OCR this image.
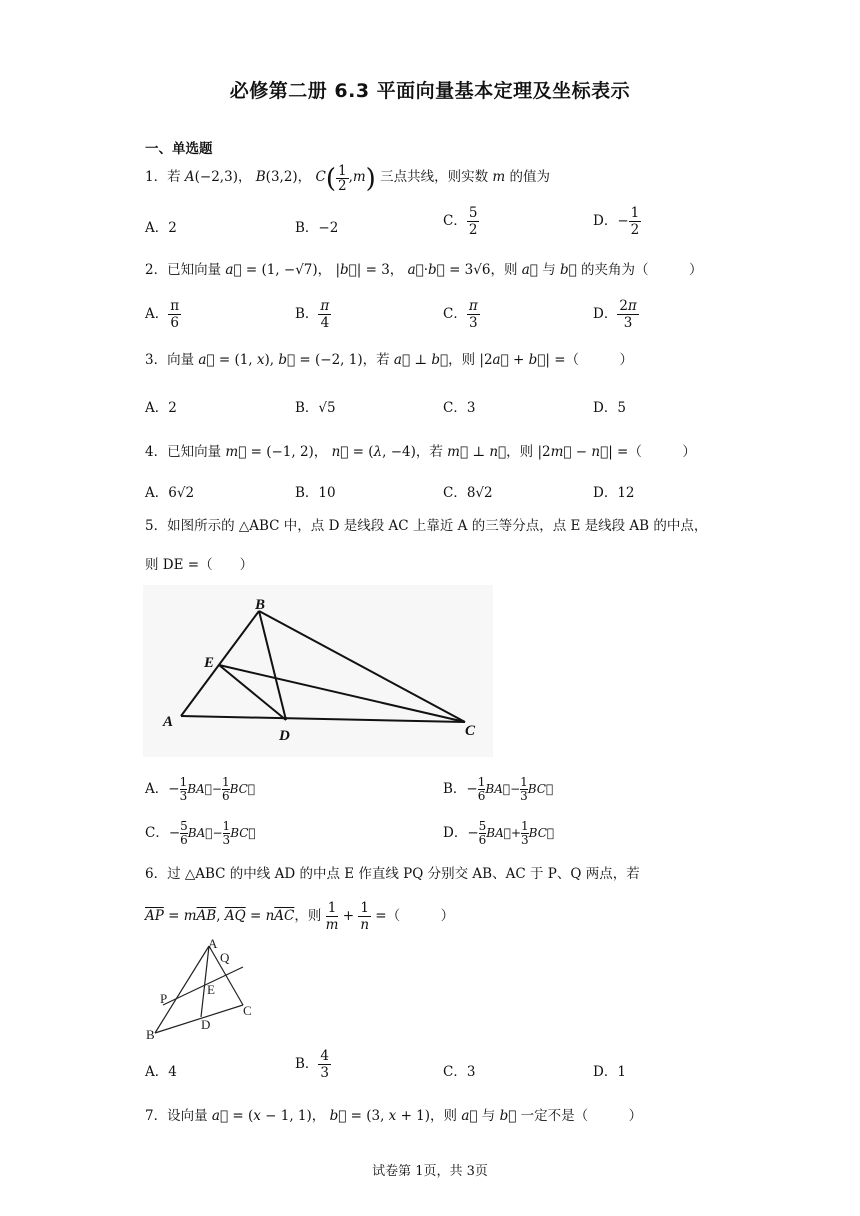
必修第二册 6.3 平面向量基本定理及坐标表示
一、单选题
1．若 A(−2,3)， B(3,2)， $C( \frac{1}{2} ,m)$ 三点共线，则实数 m 的值为
A．2	B．−2	C． $\frac{5}{2}$	D．− $\frac{1}{2}$
2．已知向量 a⃗ = (1, −√7)， |b⃗| = 3， a⃗·b⃗ = 3√6，则 a⃗ 与 b⃗ 的夹角为（　　　）
A． $\frac{\pi}{6}$	B． $\frac{\pi}{4}$	C． $\frac{\pi}{3}$	D． $\frac{2\pi}{3}$
3．向量 a⃗ = (1, x), b⃗ = (−2, 1)，若 a⃗ ⊥ b⃗，则 |2a⃗ + b⃗| =（　　　）
A．2	B．√5	C．3	D．5
4．已知向量 m⃗ = (−1, 2)， n⃗ = (λ, −4)，若 m⃗ ⊥ n⃗，则 |2m⃗ − n⃗| =（　　　）
A．6√2	B．10	C．8√2	D．12
5．如图所示的 △ABC 中，点 D 是线段 AC 上靠近 A 的三等分点，点 E 是线段 AB 的中点，
则 DE =（　　）
B
E
A
D	C
A．− $\frac{1}{3}$ BA⃗− $\frac{1}{6}$ BC⃗	B．− $\frac{1}{6}$ BA⃗− $\frac{1}{3}$ BC⃗
C．− $\frac{5}{6}$ BA⃗− $\frac{1}{3}$ BC⃗	D．− $\frac{5}{6}$ BA⃗+ $\frac{1}{3}$ BC⃗
6．过 △ABC 的中线 AD 的中点 E 作直线 PQ 分别交 AB、AC 于 P、Q 两点，若
$\overline{AP} = m\overline{AB}$, $\overline{AQ} = n\overline{AC}$，则 $\frac{1}{m} + \frac{1}{n}$ =（　　　）
A
Q
E
P
C
B
D
A．4	B． $\frac{4}{3}$	C．3	D．1
7．设向量 a⃗ = (x − 1, 1)， b⃗ = (3, x + 1)，则 a⃗ 与 b⃗ 一定不是（　　　）
试卷第 1页，共 3页
